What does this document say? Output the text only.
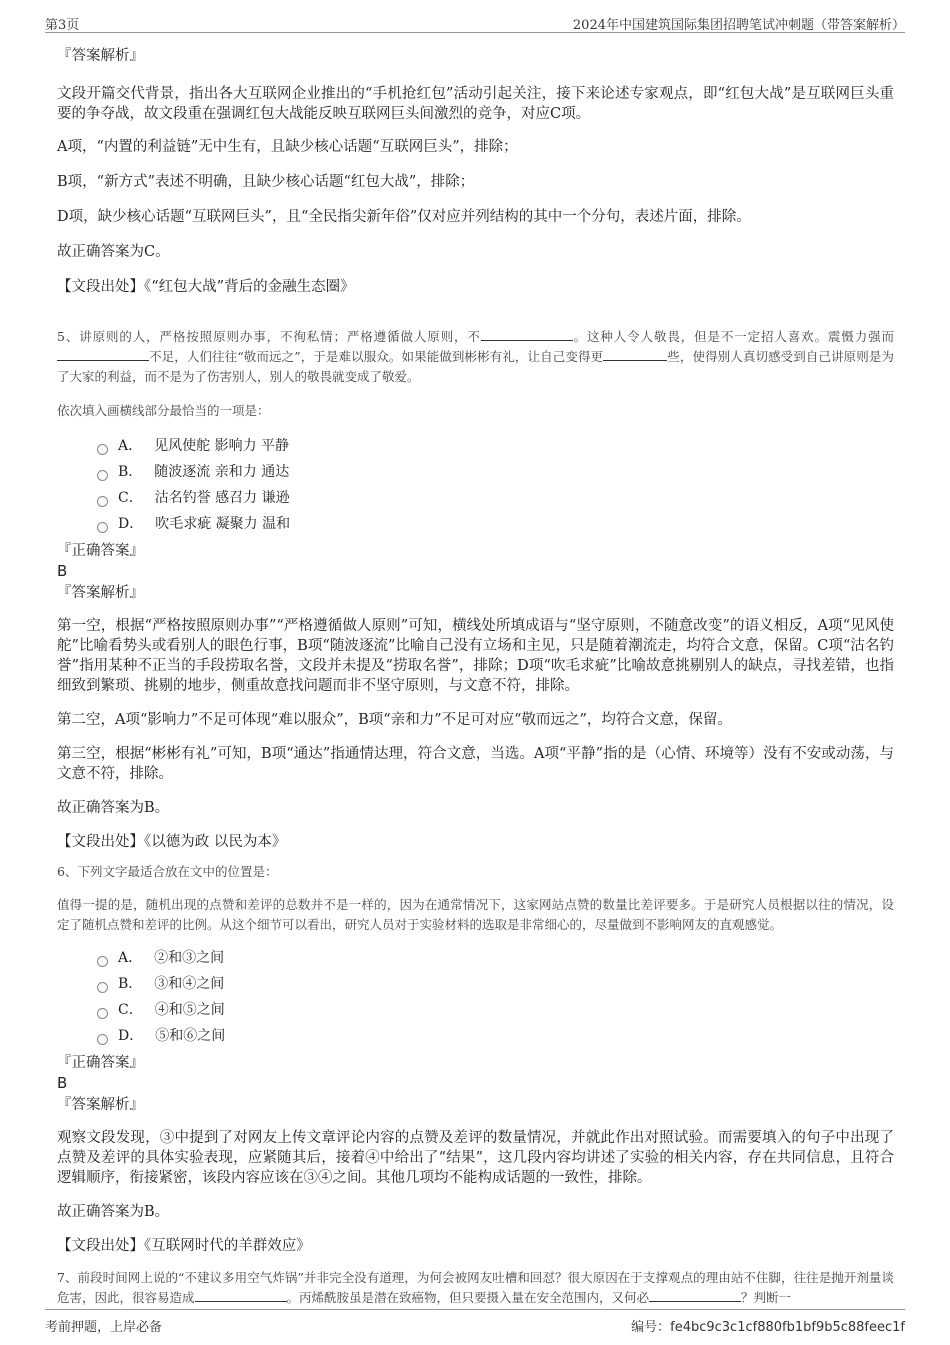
第3页	2024年中国建筑国际集团招聘笔试冲刺题（带答案解析）

『答案解析』

文段开篇交代背景，指出各大互联网企业推出的“手机抢红包”活动引起关注，接下来论述专家观点，即“红包大战”是互联网巨头重要的争夺战，故文段重在强调红包大战能反映互联网巨头间激烈的竞争，对应C项。

A项，“内置的利益链”无中生有，且缺少核心话题“互联网巨头”，排除；

B项，“新方式”表述不明确，且缺少核心话题“红包大战”，排除；

D项，缺少核心话题“互联网巨头”，且“全民指尖新年俗”仅对应并列结构的其中一个分句，表述片面，排除。

故正确答案为C。

【文段出处】《“红包大战”背后的金融生态圈》

5、讲原则的人，严格按照原则办事，不徇私情；严格遵循做人原则，不	。这种人令人敬畏，但是不一定招人喜欢。震慑力强而不足，人们往往“敬而远之”，于是难以服众。如果能做到彬彬有礼，让自己变得更	些，使得别人真切感受到自己讲原则是为了大家的利益，而不是为了伤害别人，别人的敬畏就变成了敬爱。

依次填入画横线部分最恰当的一项是：

A． 见风使舵 影响力 平静
B． 随波逐流 亲和力 通达
C． 沽名钓誉 感召力 谦逊
D． 吹毛求疵 凝聚力 温和

『正确答案』

B

『答案解析』

第一空，根据“严格按照原则办事”“严格遵循做人原则”可知，横线处所填成语与“坚守原则，不随意改变”的语义相反，A项“见风使舵”比喻看势头或看别人的眼色行事，B项“随波逐流”比喻自己没有立场和主见，只是随着潮流走，均符合文意，保留。C项“沽名钓誉”指用某种不正当的手段捞取名誉，文段并未提及“捞取名誉”，排除；D项“吹毛求疵”比喻故意挑剔别人的缺点，寻找差错，也指细致到繁琐、挑剔的地步，侧重故意找问题而非不坚守原则，与文意不符，排除。

第二空，A项“影响力”不足可体现“难以服众”，B项“亲和力”不足可对应“敬而远之”，均符合文意，保留。

第三空，根据“彬彬有礼”可知，B项“通达”指通情达理，符合文意，当选。A项“平静”指的是（心情、环境等）没有不安或动荡，与文意不符，排除。

故正确答案为B。

【文段出处】《以德为政 以民为本》

6、下列文字最适合放在文中的位置是：

值得一提的是，随机出现的点赞和差评的总数并不是一样的，因为在通常情况下，这家网站点赞的数量比差评要多。于是研究人员根据以往的情况，设定了随机点赞和差评的比例。从这个细节可以看出，研究人员对于实验材料的选取是非常细心的，尽量做到不影响网友的直观感觉。

A． ②和③之间
B． ③和④之间
C． ④和⑤之间
D． ⑤和⑥之间

『正确答案』

B

『答案解析』

观察文段发现，③中提到了对网友上传文章评论内容的点赞及差评的数量情况，并就此作出对照试验。而需要填入的句子中出现了点赞及差评的具体实验表现，应紧随其后，接着④中给出了“结果”，这几段内容均讲述了实验的相关内容，存在共同信息，且符合逻辑顺序，衔接紧密，该段内容应该在③④之间。其他几项均不能构成话题的一致性，排除。

故正确答案为B。

【文段出处】《互联网时代的羊群效应》

7、前段时间网上说的“不建议多用空气炸锅”并非完全没有道理，为何会被网友吐槽和回怼？很大原因在于支撑观点的理由站不住脚，往往是抛开剂量谈危害，因此，很容易造成	。丙烯酰胺虽是潜在致癌物，但只要摄入量在安全范围内，又何必	？判断一

考前押题，上岸必备	编号：fe4bc9c3c1cf880fb1bf9b5c88feec1f
